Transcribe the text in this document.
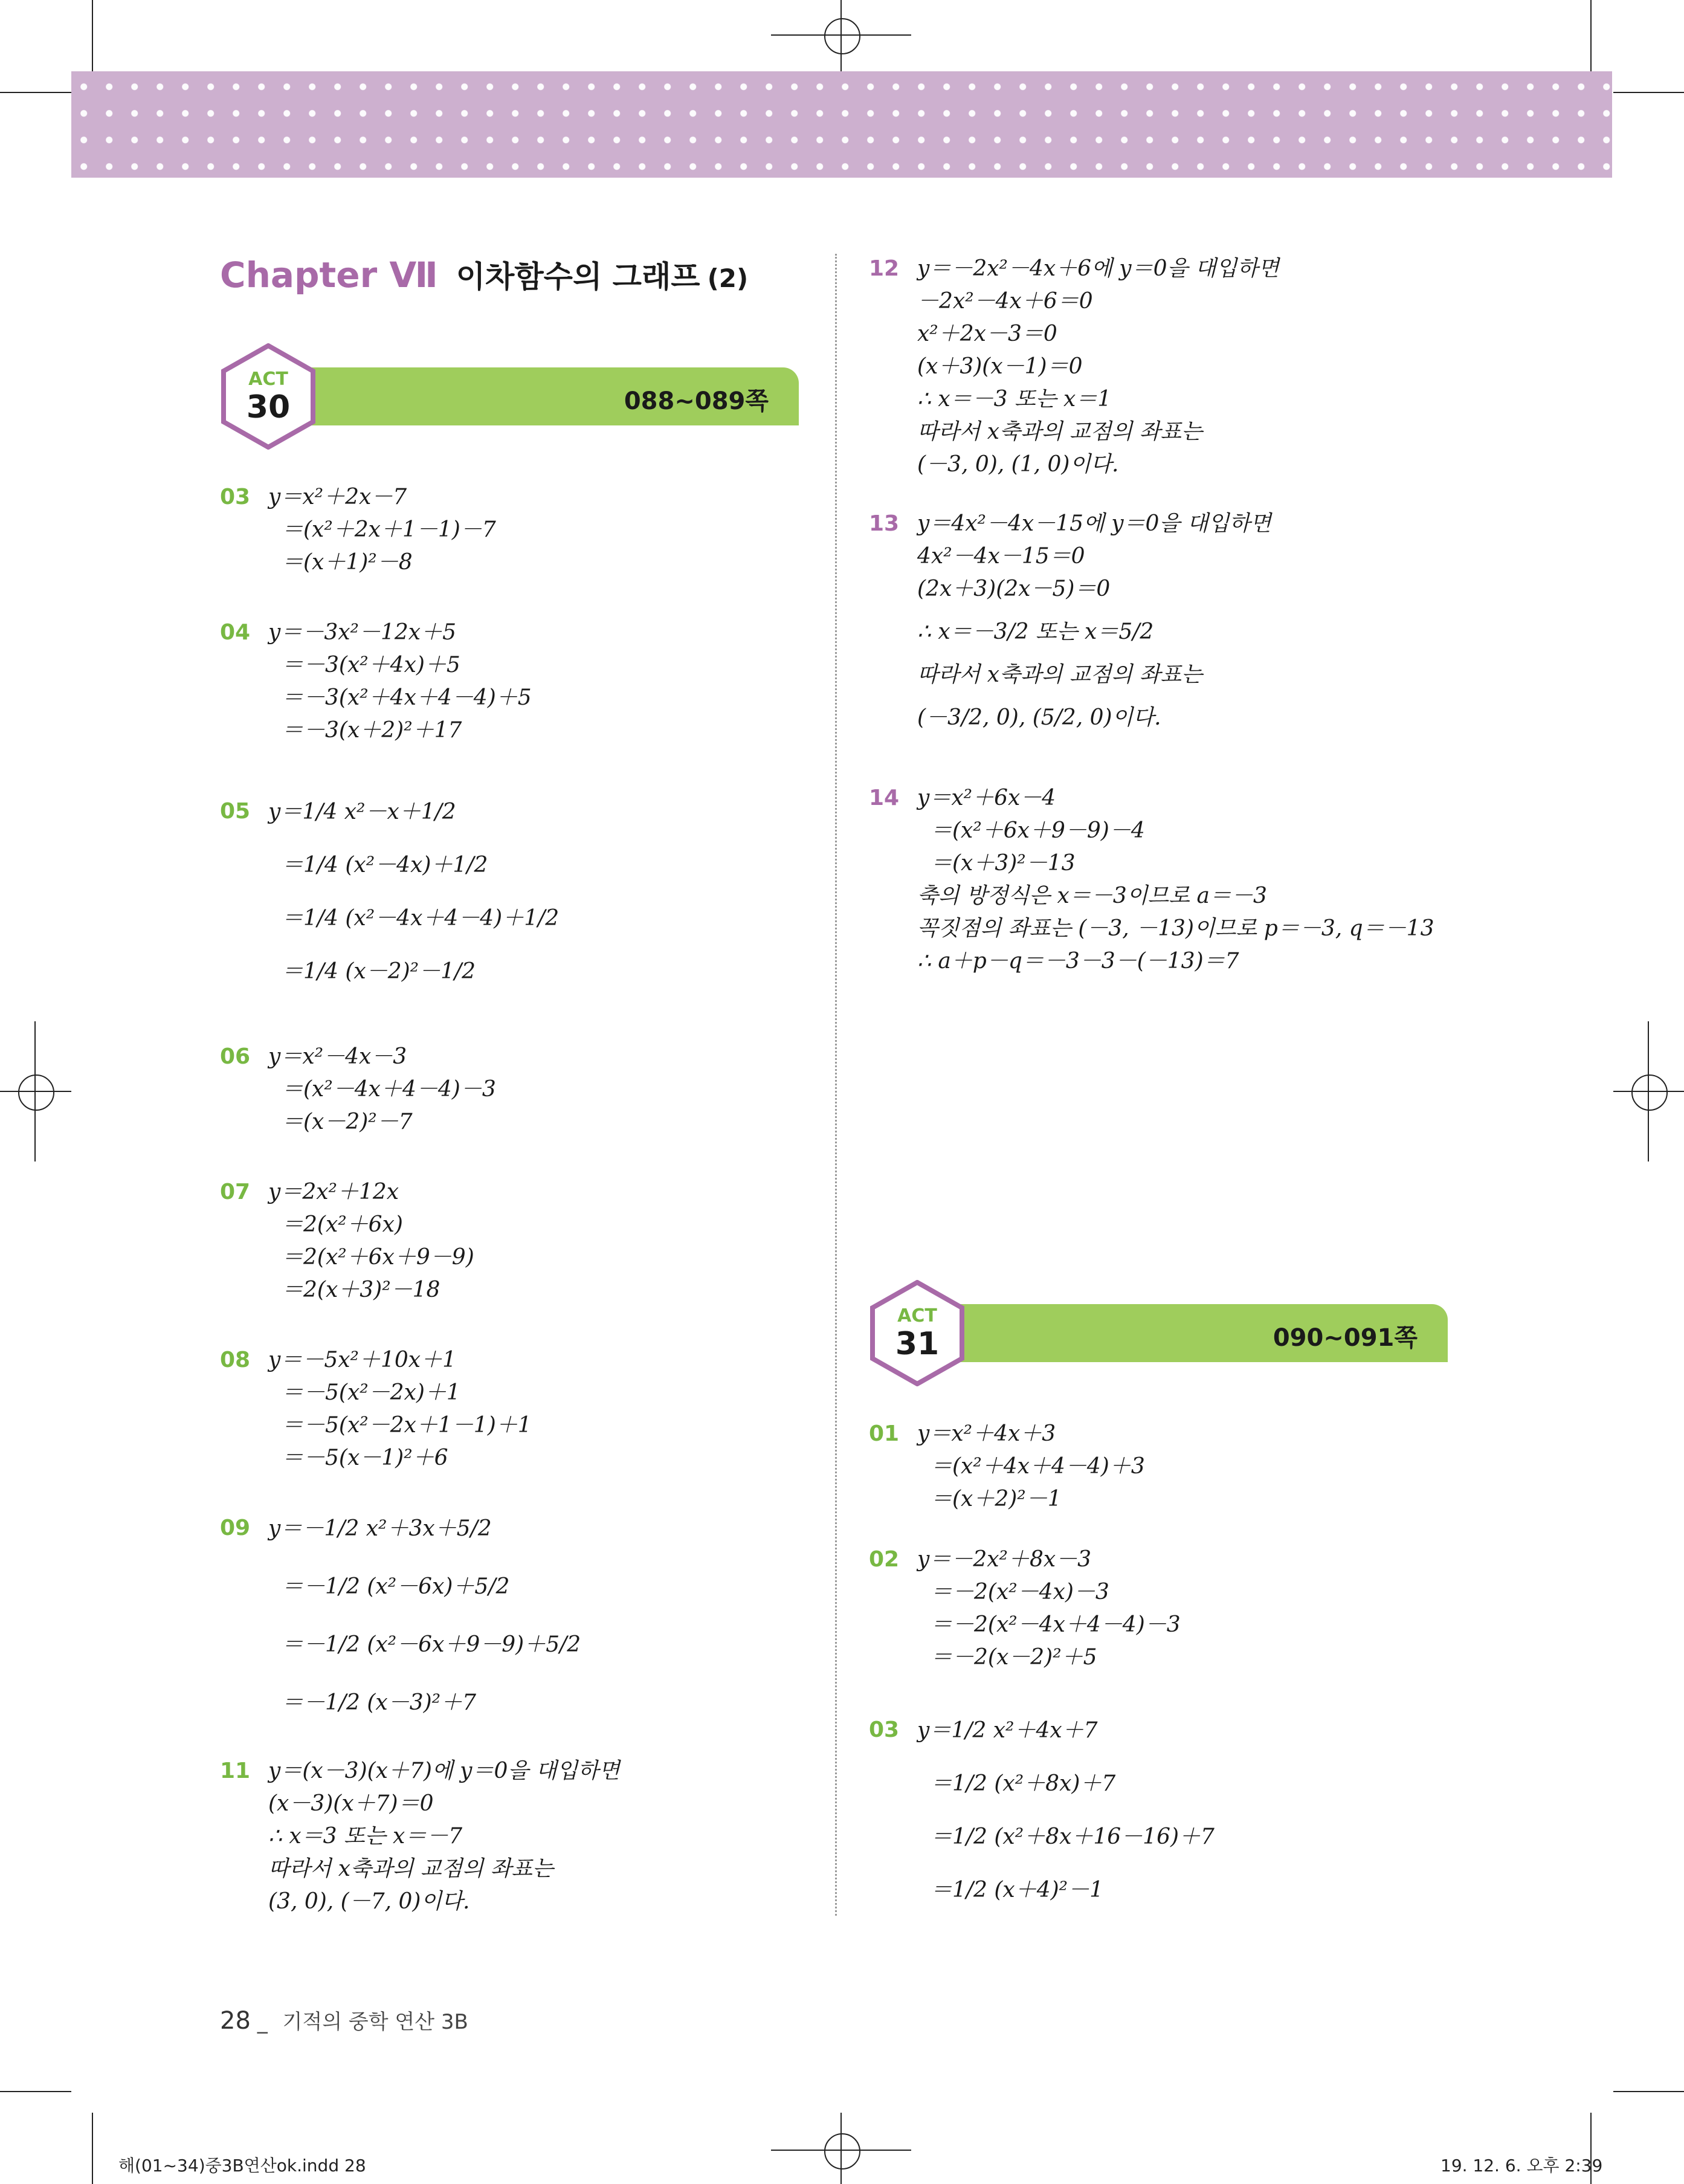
Chapter Ⅶ 이차함수의 그래프 (2)
088~089쪽
ACT
30
090~091쪽
ACT
31
03 y＝x²＋2x－7
＝(x²＋2x＋1－1)－7
＝(x＋1)²－8
04 y＝－3x²－12x＋5
＝－3(x²＋4x)＋5
＝－3(x²＋4x＋4－4)＋5
＝－3(x＋2)²＋17
05 y＝1/4 x²－x＋1/2
＝1/4 (x²－4x)＋1/2
＝1/4 (x²－4x＋4－4)＋1/2
＝1/4 (x－2)²－1/2
06 y＝x²－4x－3
＝(x²－4x＋4－4)－3
＝(x－2)²－7
07 y＝2x²＋12x
＝2(x²＋6x)
＝2(x²＋6x＋9－9)
＝2(x＋3)²－18
08 y＝－5x²＋10x＋1
＝－5(x²－2x)＋1
＝－5(x²－2x＋1－1)＋1
＝－5(x－1)²＋6
09 y＝－1/2 x²＋3x＋5/2
＝－1/2 (x²－6x)＋5/2
＝－1/2 (x²－6x＋9－9)＋5/2
＝－1/2 (x－3)²＋7
11 y＝(x－3)(x＋7)에 y＝0을 대입하면
(x－3)(x＋7)＝0
∴ x＝3 또는 x＝－7
따라서 x축과의 교점의 좌표는
(3, 0), (－7, 0)이다.
12 y＝－2x²－4x＋6에 y＝0을 대입하면
－2x²－4x＋6＝0
x²＋2x－3＝0
(x＋3)(x－1)＝0
∴ x＝－3 또는 x＝1
따라서 x축과의 교점의 좌표는
(－3, 0), (1, 0)이다.
13 y＝4x²－4x－15에 y＝0을 대입하면
4x²－4x－15＝0
(2x＋3)(2x－5)＝0
∴ x＝－3/2 또는 x＝5/2
따라서 x축과의 교점의 좌표는
(－3/2, 0), (5/2, 0)이다.
14 y＝x²＋6x－4
＝(x²＋6x＋9－9)－4
＝(x＋3)²－13
축의 방정식은 x＝－3이므로 a＝－3
꼭짓점의 좌표는 (－3, －13)이므로 p＝－3, q＝－13
∴ a＋p－q＝－3－3－(－13)＝7
01 y＝x²＋4x＋3
＝(x²＋4x＋4－4)＋3
＝(x＋2)²－1
02 y＝－2x²＋8x－3
＝－2(x²－4x)－3
＝－2(x²－4x＋4－4)－3
＝－2(x－2)²＋5
03 y＝1/2 x²＋4x＋7
＝1/2 (x²＋8x)＋7
＝1/2 (x²＋8x＋16－16)＋7
＝1/2 (x＋4)²－1
28 _ 기적의 중학 연산 3B
해(01~34)중3B연산ok.indd 28	19. 12. 6. 오후 2:39
